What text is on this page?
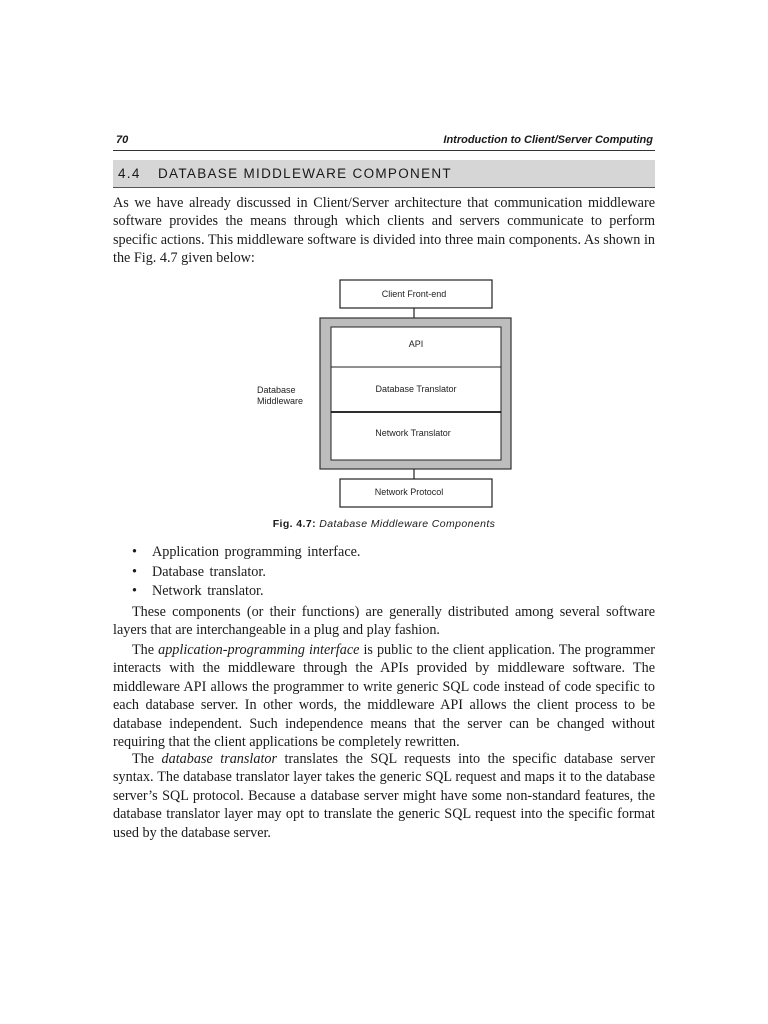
70	Introduction to Client/Server Computing
4.4 DATABASE MIDDLEWARE COMPONENT

As we have already discussed in Client/Server architecture that communication middleware software provides the means through which clients and servers communicate to perform specific actions. This middleware software is divided into three main components. As shown in the Fig. 4.7 given below:

Client Front-end
API
Database Translator
Network Translator
Database
Middleware
Network Protocol
Fig. 4.7: Database Middleware Components
• Application programming interface.
• Database translator.
• Network translator.

These components (or their functions) are generally distributed among several software layers that are interchangeable in a plug and play fashion.

The application-programming interface is public to the client application. The programmer interacts with the middleware through the APIs provided by middleware software. The middleware API allows the programmer to write generic SQL code instead of code specific to each database server. In other words, the middleware API allows the client process to be database independent. Such independence means that the server can be changed without requiring that the client applications be completely rewritten.

The database translator translates the SQL requests into the specific database server syntax. The database translator layer takes the generic SQL request and maps it to the database server’s SQL protocol. Because a database server might have some non-standard features, the database translator layer may opt to translate the generic SQL request into the specific format used by the database server.
